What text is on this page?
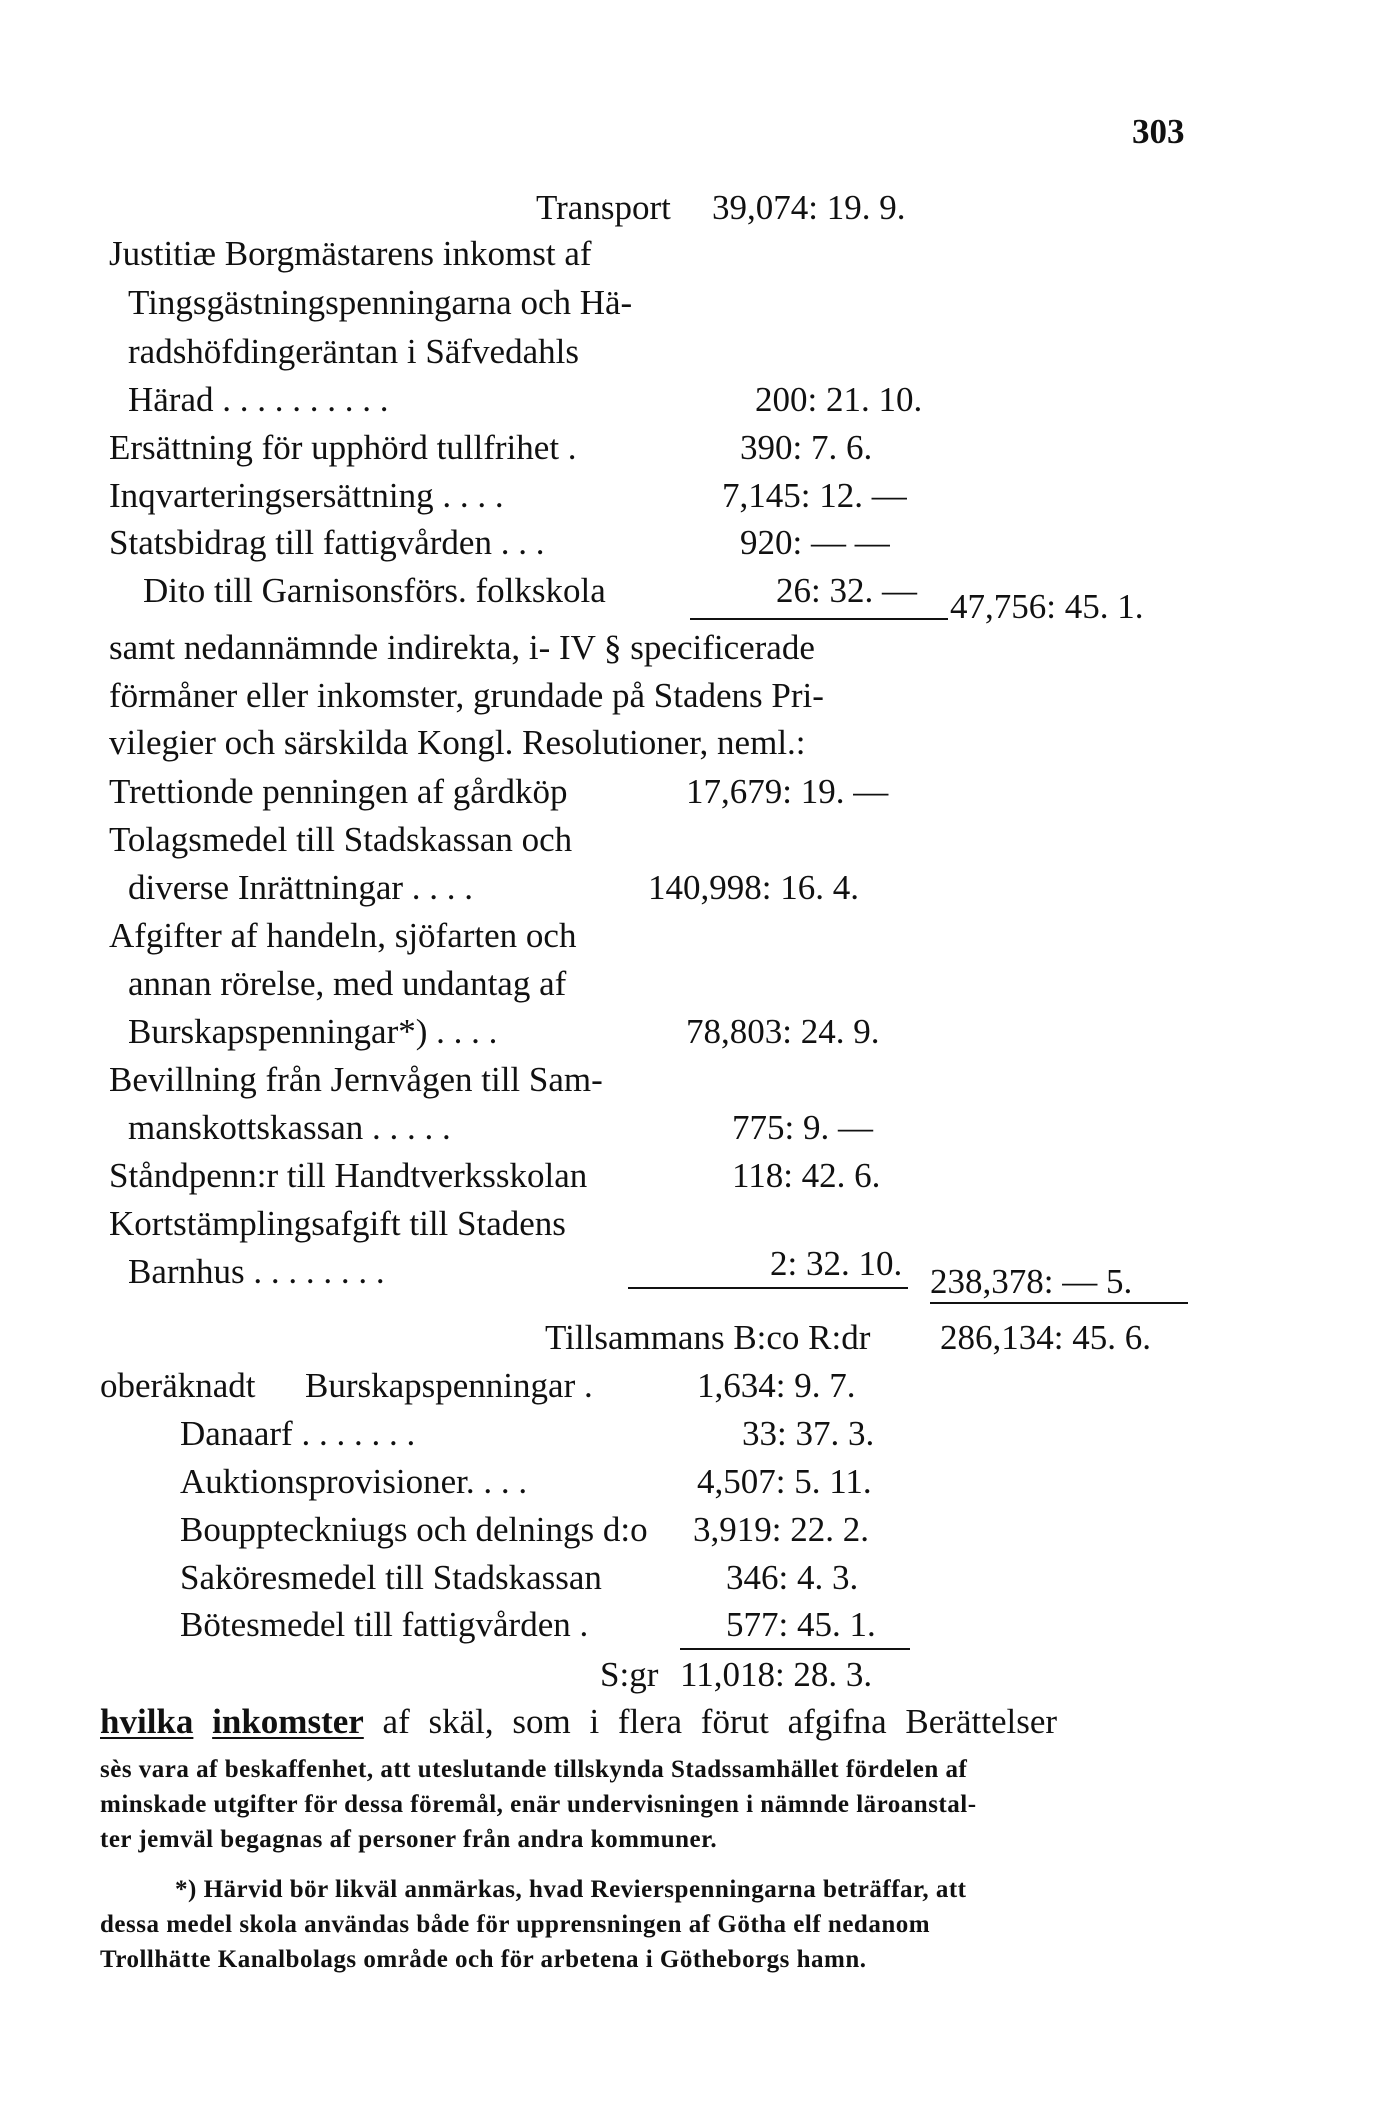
303
Transport 39,074: 19. 9.
Justitiæ Borgmästarens inkomst af
Tingsgästningspenningarna och Hä-
radshöfdingeräntan i Säfvedahls
Härad . . . . . . . . . .	200: 21. 10.
Ersättning för upphörd tullfrihet .	390: 7. 6.
Inqvarteringsersättning . . . .	7,145: 12. —
Statsbidrag till fattigvården . . .	920: — —
Dito till Garnisonsförs. folkskola	26: 32. — 47,756: 45. 1.
samt nedannämnde indirekta, i- IV § specificerade
förmåner eller inkomster, grundade på Stadens Pri-
vilegier och särskilda Kongl. Resolutioner, neml.:
Trettionde penningen af gårdköp	17,679: 19. —
Tolagsmedel till Stadskassan och
diverse Inrättningar . . . .	140,998: 16. 4.
Afgifter af handeln, sjöfarten och
annan rörelse, med undantag af
Burskapspenningar*) . . . .	78,803: 24. 9.
Bevillning från Jernvågen till Sam-
manskottskassan . . . . .	775: 9. —
Ståndpenn:r till Handtverksskolan	118: 42. 6.
Kortstämplingsafgift till Stadens
Barnhus . . . . . . . .	2: 32. 10. 238,378: — 5.
Tillsammans B:co R:dr 286,134: 45. 6.
oberäknadt Burskapspenningar .	1,634: 9. 7.
Danaarf . . . . . . .	33: 37. 3.
Auktionsprovisioner. . . .	4,507: 5. 11.
Bouppteckniugs och delnings d:o 3,919: 22. 2.
Saköresmedel till Stadskassan	346: 4. 3.
Bötesmedel till fattigvården .	577: 45. 1.
S:gr 11,018: 28. 3.
hvilka inkomster af skäl, som i flera förut afgifna Berättelser
sès vara af beskaffenhet, att uteslutande tillskynda Stadssamhället fördelen af
minskade utgifter för dessa föremål, enär undervisningen i nämnde läroanstal-
ter jemväl begagnas af personer från andra kommuner.
*) Härvid bör likväl anmärkas, hvad Revierspenningarna beträffar, att
dessa medel skola användas både för upprensningen af Götha elf nedanom
Trollhätte Kanalbolags område och för arbetena i Götheborgs hamn.
